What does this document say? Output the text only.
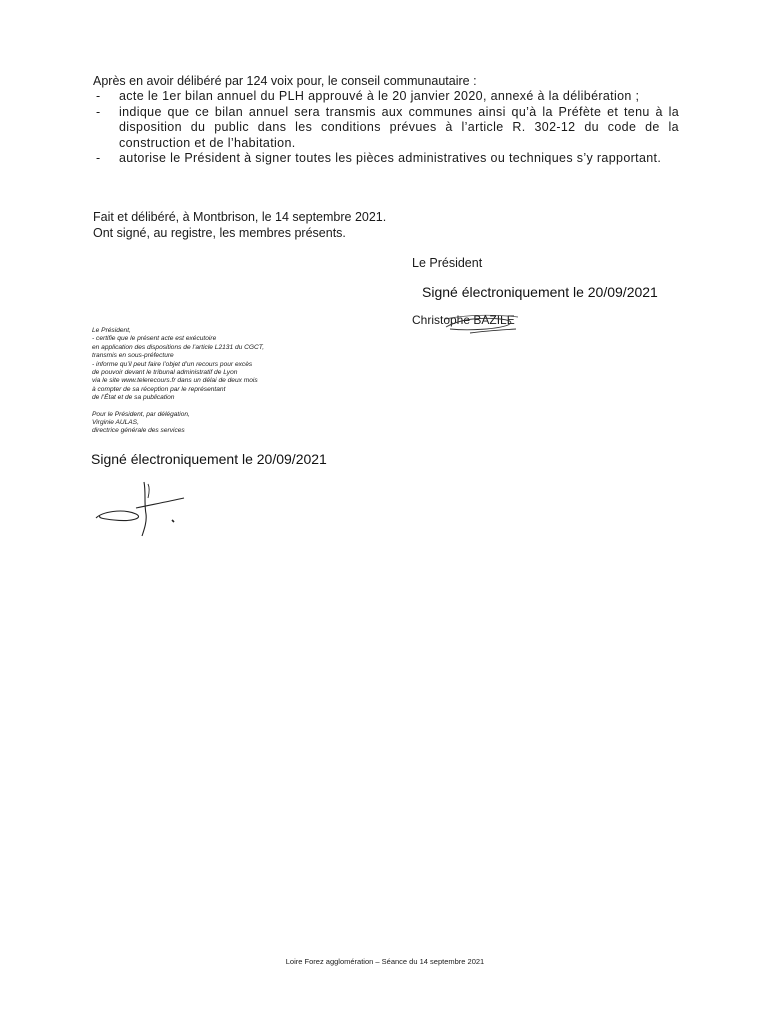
Après en avoir délibéré par 124 voix pour, le conseil communautaire :
- acte le 1er bilan annuel du PLH approuvé à le 20 janvier 2020, annexé à la délibération ;
- indique que ce bilan annuel sera transmis aux communes ainsi qu’à la Préfète et tenu à la disposition du public dans les conditions prévues à l’article R. 302-12 du code de la construction et de l’habitation.
- autorise le Président à signer toutes les pièces administratives ou techniques s’y rapportant.
Fait et délibéré, à Montbrison, le 14 septembre 2021.
Ont signé, au registre, les membres présents.
Le Président
Signé électroniquement le 20/09/2021
Christophe BAZILE

Le Président,

- certifie que le présent acte est exécutoire

en application des dispositions de l’article L2131 du CGCT,

transmis en sous-préfecture

- informe qu’il peut faire l’objet d’un recours pour excès

de pouvoir devant le tribunal administratif de Lyon

via le site www.telerecours.fr dans un délai de deux mois

à compter de sa réception par le représentant

de l’État et de sa publication

Pour le Président, par délégation,

Virginie AULAS,

directrice générale des services

Signé électroniquement le 20/09/2021
Loire Forez agglomération – Séance du 14 septembre 2021
